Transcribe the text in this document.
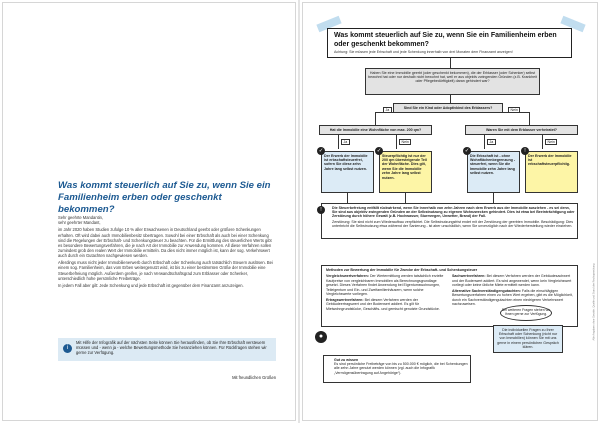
Was kommt steuerlich auf Sie zu, wenn Sie ein Familienheim erben oder geschenkt bekommen?

Sehr geehrte Mandantin,
sehr geehrter Mandant,

im Jahr 2020 haben Studien zufolge 10 % aller Erwachsenen in Deutschland geerbt oder größere Schenkungen erhalten. Oft wird dabei auch Immobilienbesitz übertragen. Sowohl bei einer Erbschaft als auch bei einer Schenkung sind die Regelungen der Erbschaft- und Schenkungsteuer zu beachten. Für die Ermittlung des steuerlichen Werts gibt es besondere Bewertungsverfahren, die je nach Art der Immobilie zur Anwendung kommen. All diese Verfahren sollen zumindest grob den realen Wert der Immobilie ermitteln. Da dies nicht immer möglich ist, kann der sog. Verkehrswert auch durch ein Gutachten nachgewiesen werden.

Allerdings muss nicht jeder Immobilienerwerb durch Erbschaft oder Schenkung auch tatsächlich Steuern auslösen. Bei einem sog. Familienheim, das vom Erben weitergenutzt wird, ist bis zu einer bestimmten Größe der Immobilie eine Steuerbefreiung möglich. Außerdem greifen, je nach Verwandtschaftsgrad zum Erblasser oder Schenker, unterschiedlich hohe persönliche Freibeträge.

In jedem Fall aber gilt: Jede Schenkung und jede Erbschaft ist gegenüber dem Finanzamt anzuzeigen.

i
Mit Hilfe der Infografik auf der nächsten Seite können Sie herausfinden, ob Sie Ihre Erbschaft versteuern müssen und - wenn ja - welche Bewertungsmethode Sie heranziehen können. Für Rückfragen stehen wir gerne zur Verfügung.
Mit freundlichen Grüßen
Was kommt steuerlich auf Sie zu, wenn Sie ein Familienheim erben oder geschenkt bekommen?
Achtung: Sie müssen jede Erbschaft und jede Schenkung innerhalb von drei Monaten dem Finanzamt anzeigen!
Haben Sie eine Immobilie geerbt (oder geschenkt bekommen), die der Erblasser (oder Schenker) selbst bewohnt hat oder nur deshalb nicht bewohnt hat, weil er aus objektiv zwingenden Gründen (z.B. Krankheit oder Pflegebedürftigkeit) daran gehindert war?
Sind Sie ein Kind oder Adoptivkind des Erblassers?
Ja	Nein
Hat die Immobilie eine Wohnfläche von max. 200 qm?	Waren Sie mit dem Erblasser verheiratet?
Ja	Nein	Ja	Nein
✓	✓	✓	!
Der Erwerb der Immobilie ist erbschaftsteuerfrei, sofern Sie diese zehn Jahre lang selbst nutzen.
Steuerpflichtig ist nur der 200 qm übersteigende Teil der Wohnfläche. Dies gilt, wenn Sie die Immobilie zehn Jahre lang selbst nutzen.
Die Erbschaft ist - ohne Wohnflächenbegrenzung - steuerfrei, wenn Sie die Immobilie zehn Jahre lang selbst nutzen.
Der Erwerb der Immobilie ist erbschaftsteuerpflichtig.
!	Die Steuerbefreiung entfällt rückwirkend, wenn Sie innerhalb von zehn Jahren nach dem Erwerb aus der Immobilie ausziehen - es sei denn, Sie sind aus objektiv zwingenden Gründen an der Selbstnutzung zu eigenen Wohnzwecken gehindert. Dies ist etwa bei Beeinträchtigung oder Zerstörung durch höhere Gewalt (z.B. Hochwasser, Sturmregen, Unwetter, Brand) der Fall.
Zerstörung: Sie sind nicht zum Wiederaufbau verpflichtet. Die Selbstnutzungsfrist endet mit der Zerstörung der geerbten Immobilie. Beschädigung: Dies unterbricht die Selbstnutzung etwa während der Sanierung - ist aber unschädlich, wenn Sie unverzüglich nach der Wiederherstellung wieder einziehen.
Methoden zur Bewertung der Immobilie für Zwecke der Erbschaft- und Schenkungsteuer

Vergleichswertverfahren: Der Wertermittlung werden tatsächlich erzielte Kaufpreise von vergleichbaren Immobilien als Berechnungsgrundlage gesetzt. Dieses Verfahren findet Anwendung bei Eigentumswohnungen, Teileigentum und Ein- und Zweifamilienhäusern, wenn solche Vergleichswerte vorliegen.

Ertragswertverfahren: Bei diesem Verfahren werden der Gebäudeertragswert und der Bodenwert addiert. Es gilt für Mietwohngrundstücke, Geschäfts- und gemischt genutzte Grundstücke.

Sachwertverfahren: Bei diesem Verfahren werden der Gebäudesachwert und der Bodenwert addiert. Es wird angewendet, wenn kein Vergleichswert vorliegt oder keine übliche Miete ermittelt werden kann.

Alternative Sachverständigengutachten: Falls die einschlägigen Bewertungsverfahren einen zu hohen Wert ergeben, gibt es die Möglichkeit, durch ein Sachverständigengutachten einen niedrigeren Verkehrswert nachzuweisen.

●
Gut zu wissen
Es sind persönliche Freibeträge von bis zu 500.000 € möglich, die bei Schenkungen alle zehn Jahre genutzt werden können (vgl. auch die Infografik „Vermögensübertragung auf Angehörige“).
Bei weiteren Fragen stehen wir Ihnen gerne zur Verfügung.
Die individuellen Fragen zu Ihrer Erbschaft oder Schenkung (nicht nur von Immobilien) können Sie mit uns gerne in einem persönlichen Gespräch klären.
Alle Angaben ohne Gewähr. Quelle und Stand der Rechtsprechung
